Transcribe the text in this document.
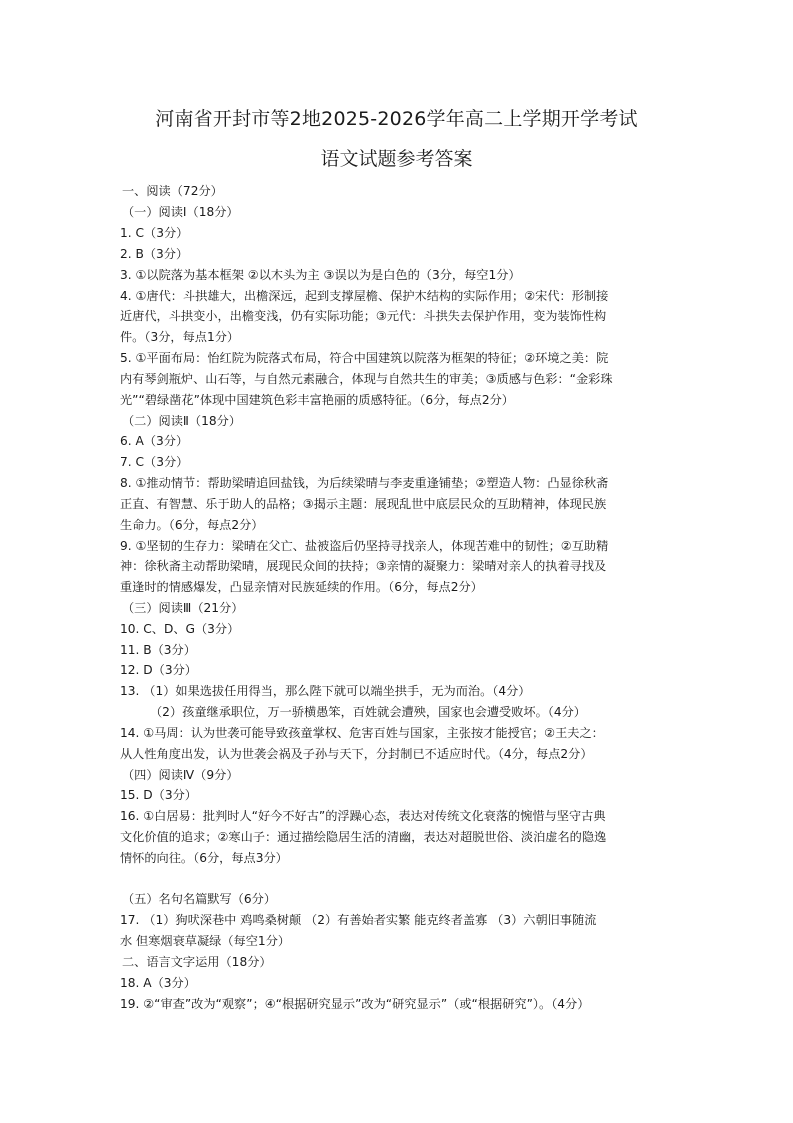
河南省开封市等2地2025-2026学年高二上学期开学考试
语文试题参考答案
一、阅读（72分）
（一）阅读Ⅰ（18分）
1. C（3分）
2. B（3分）
3. ①以院落为基本框架 ②以木头为主 ③误以为是白色的（3分，每空1分）
4. ①唐代：斗拱雄大，出檐深远，起到支撑屋檐、保护木结构的实际作用；②宋代：形制接
近唐代，斗拱变小，出檐变浅，仍有实际功能；③元代：斗拱失去保护作用，变为装饰性构
件。（3分，每点1分）
5. ①平面布局：怡红院为院落式布局，符合中国建筑以院落为框架的特征；②环境之美：院
内有琴剑瓶炉、山石等，与自然元素融合，体现与自然共生的审美；③质感与色彩：“金彩珠
光”“碧绿凿花”体现中国建筑色彩丰富艳丽的质感特征。（6分，每点2分）
（二）阅读Ⅱ（18分）
6. A（3分）
7. C（3分）
8. ①推动情节：帮助梁晴追回盐钱，为后续梁晴与李麦重逢铺垫；②塑造人物：凸显徐秋斋
正直、有智慧、乐于助人的品格；③揭示主题：展现乱世中底层民众的互助精神，体现民族
生命力。（6分，每点2分）
9. ①坚韧的生存力：梁晴在父亡、盐被盗后仍坚持寻找亲人，体现苦难中的韧性；②互助精
神：徐秋斋主动帮助梁晴，展现民众间的扶持；③亲情的凝聚力：梁晴对亲人的执着寻找及
重逢时的情感爆发，凸显亲情对民族延续的作用。（6分，每点2分）
（三）阅读Ⅲ（21分）
10. C、D、G（3分）
11. B（3分）
12. D（3分）
13. （1）如果选拔任用得当，那么陛下就可以端坐拱手，无为而治。（4分）
（2）孩童继承职位，万一骄横愚笨，百姓就会遭殃，国家也会遭受败坏。（4分）
14. ①马周：认为世袭可能导致孩童掌权、危害百姓与国家，主张按才能授官；②王夫之：
从人性角度出发，认为世袭会祸及子孙与天下，分封制已不适应时代。（4分，每点2分）
（四）阅读Ⅳ（9分）
15. D（3分）
16. ①白居易：批判时人“好今不好古”的浮躁心态，表达对传统文化衰落的惋惜与坚守古典
文化价值的追求；②寒山子：通过描绘隐居生活的清幽，表达对超脱世俗、淡泊虚名的隐逸
情怀的向往。（6分，每点3分）
（五）名句名篇默写（6分）
17. （1）狗吠深巷中 鸡鸣桑树颠 （2）有善始者实繁 能克终者盖寡 （3）六朝旧事随流
水 但寒烟衰草凝绿（每空1分）
二、语言文字运用（18分）
18. A（3分）
19. ②“审查”改为“观察”；④“根据研究显示”改为“研究显示”（或“根据研究”）。（4分）
